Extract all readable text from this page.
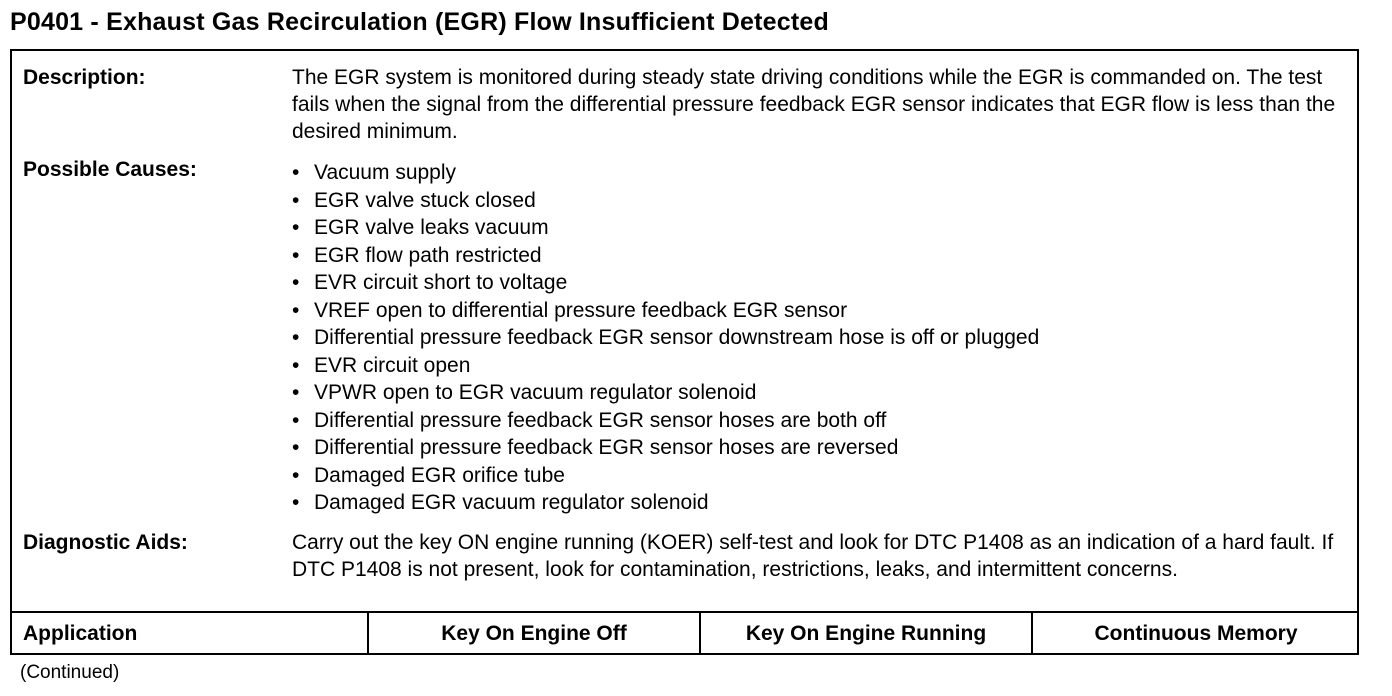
P0401 - Exhaust Gas Recirculation (EGR) Flow Insufficient Detected
Description:	The EGR system is monitored during steady state driving conditions while the EGR is commanded on. The test fails when the signal from the differential pressure feedback EGR sensor indicates that EGR flow is less than the desired minimum.
Possible Causes:	• Vacuum supply
• EGR valve stuck closed
• EGR valve leaks vacuum
• EGR flow path restricted
• EVR circuit short to voltage
• VREF open to differential pressure feedback EGR sensor
• Differential pressure feedback EGR sensor downstream hose is off or plugged
• EVR circuit open
• VPWR open to EGR vacuum regulator solenoid
• Differential pressure feedback EGR sensor hoses are both off
• Differential pressure feedback EGR sensor hoses are reversed
• Damaged EGR orifice tube
• Damaged EGR vacuum regulator solenoid
Diagnostic Aids:	Carry out the key ON engine running (KOER) self-test and look for DTC P1408 as an indication of a hard fault. If DTC P1408 is not present, look for contamination, restrictions, leaks, and intermittent concerns.
Application	Key On Engine Off	Key On Engine Running	Continuous Memory
(Continued)
